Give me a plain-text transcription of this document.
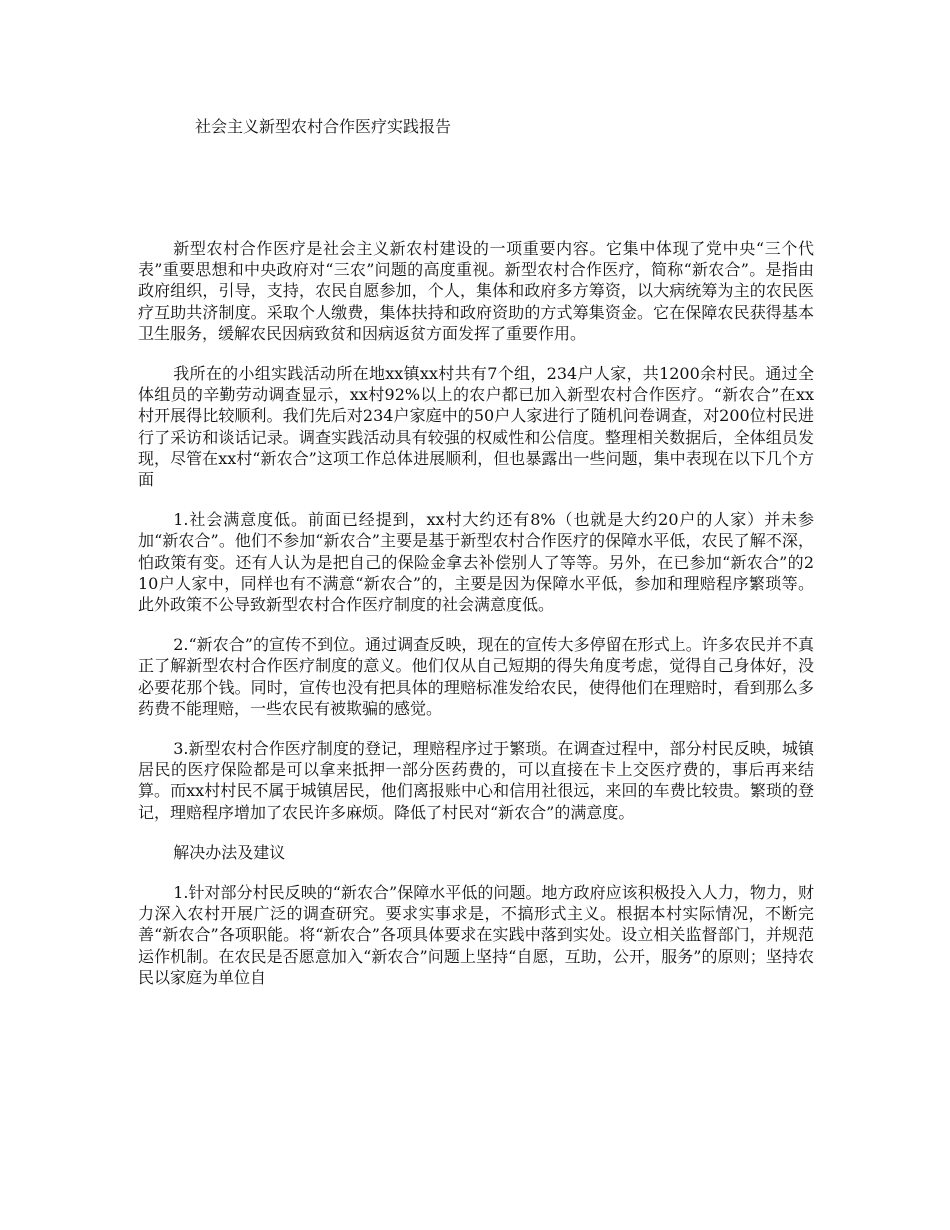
社会主义新型农村合作医疗实践报告

新型农村合作医疗是社会主义新农村建设的一项重要内容。它集中体现了党中央“三个代表”重要思想和中央政府对“三农”问题的高度重视。新型农村合作医疗，简称“新农合”。是指由政府组织，引导，支持，农民自愿参加，个人，集体和政府多方筹资，以大病统筹为主的农民医疗互助共济制度。采取个人缴费，集体扶持和政府资助的方式筹集资金。它在保障农民获得基本卫生服务，缓解农民因病致贫和因病返贫方面发挥了重要作用。

我所在的小组实践活动所在地xx镇xx村共有7个组，234户人家，共1200余村民。通过全体组员的辛勤劳动调查显示，xx村92%以上的农户都已加入新型农村合作医疗。“新农合”在xx村开展得比较顺利。我们先后对234户家庭中的50户人家进行了随机问卷调查，对200位村民进行了采访和谈话记录。调查实践活动具有较强的权威性和公信度。整理相关数据后，全体组员发现，尽管在xx村“新农合”这项工作总体进展顺利，但也暴露出一些问题，集中表现在以下几个方面

1.社会满意度低。前面已经提到，xx村大约还有8%（也就是大约20户的人家）并未参加“新农合”。他们不参加“新农合”主要是基于新型农村合作医疗的保障水平低，农民了解不深，怕政策有变。还有人认为是把自己的保险金拿去补偿别人了等等。另外，在已参加“新农合”的210户人家中，同样也有不满意“新农合”的，主要是因为保障水平低，参加和理赔程序繁琐等。此外政策不公导致新型农村合作医疗制度的社会满意度低。

2.“新农合”的宣传不到位。通过调查反映，现在的宣传大多停留在形式上。许多农民并不真正了解新型农村合作医疗制度的意义。他们仅从自己短期的得失角度考虑，觉得自己身体好，没必要花那个钱。同时，宣传也没有把具体的理赔标准发给农民，使得他们在理赔时，看到那么多药费不能理赔，一些农民有被欺骗的感觉。

3.新型农村合作医疗制度的登记，理赔程序过于繁琐。在调查过程中，部分村民反映，城镇居民的医疗保险都是可以拿来抵押一部分医药费的，可以直接在卡上交医疗费的，事后再来结算。而xx村村民不属于城镇居民，他们离报账中心和信用社很远，来回的车费比较贵。繁琐的登记，理赔程序增加了农民许多麻烦。降低了村民对“新农合”的满意度。

解决办法及建议

1.针对部分村民反映的“新农合”保障水平低的问题。地方政府应该积极投入人力，物力，财力深入农村开展广泛的调查研究。要求实事求是，不搞形式主义。根据本村实际情况，不断完善“新农合”各项职能。将“新农合”各项具体要求在实践中落到实处。设立相关监督部门，并规范运作机制。在农民是否愿意加入“新农合”问题上坚持“自愿，互助，公开，服务”的原则；坚持农民以家庭为单位自
